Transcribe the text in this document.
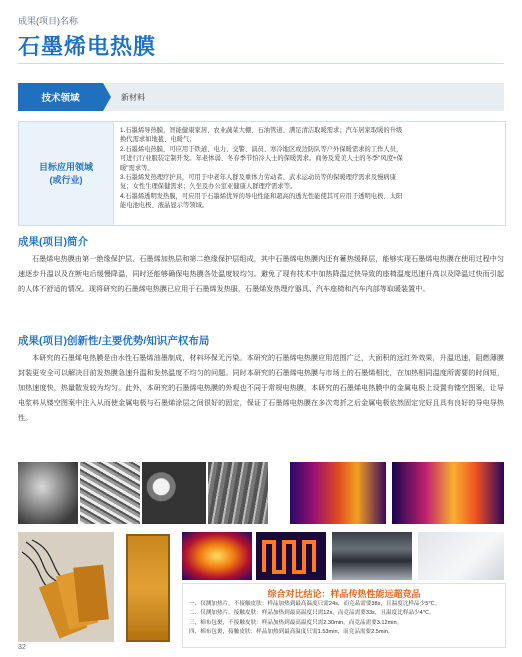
成果(项目)名称
石墨烯电热膜
技术领域	新材料
目标应用领域
(或行业)
1.石墨烯导热膜，智能健康家居、农业蔬菜大棚、石油管道、满足清洁取暖需求；汽车居家取暖的升级
换代需求如地毯、电暖气；
2.石墨烯电热膜，可应用于铁道、电力、交警、演员、寒冷地区或边防队等户外保暖需求的工作人员，
可进行行业服装定制开发。年老体弱、冬春季节怕冷人士的保暖需求。商务及爱美人士的冬季"风度+保
暖"需求等。
3.石墨烯发热理疗护具，可用于中老年人群及重体力劳动者、武术运动员等的保暖理疗需求及慢病康
复；女性生理保健需求；久坐及办公室亚健康人群理疗需求等。
4.石墨烯透明发热膜，可应用于石墨烯优异的导电性能和超高的透光性能使其可应用于透明电极、太阳
能电池电极、液晶显示等领域。
成果(项目)简介
石墨烯电热膜由第一绝缘保护层、石墨烯加热层和第二绝缘保护层组成，其中石墨烯电热膜内还有蓄热缓释层，能够实现石墨烯电热膜在使用过程中匀速逐步升温以及在断电后缓慢降温，同时还能够确保电热膜各处温度较均匀。避免了现有技术中加热降温过快导致的座椅温度迅速升高以及降温过快而引起的人体不舒适的情况。现将研究的石墨烯电热膜已应用于石墨烯发热服，石墨烯发热理疗器具、汽车座椅和汽车内部等取暖装置中。
成果(项目)创新性/主要优势/知识产权布局
本研究的石墨烯电热膜是由水性石墨烯油墨制成，材料环保无污染。本研究的石墨烯电热膜应用范围广泛，大面积的远红外效果，升温迅速，阻燃薄膜封装更安全可以解决目前发热膜急速升温和发热温度不均匀的问题。同时本研究的石墨烯电热膜与市场上的石墨烯相比，在加热相同温度所需要的时间短，加热速度快，热量散发较为均匀。此外，本研究的石墨烯电热膜的外观也不同于常规电热膜，本研究的石墨烯电热膜中的金属电极上设置有镂空图案，让导电浆料从镂空图案中注入从而使金属电极与石墨烯涂层之间很好的固定，保证了石墨烯电热膜在多次弯折之后金属电极依然固定完好且具有良好的导电导热性。
综合对比结论：样品传热性能远超竞品
一、仅测加热片，不接触皮肤：样品加热到最高温度只需24s，而竞品需要38s，且温度比样品少5℃。
二、仅测加热片，接触皮肤：样品加热到最高温度只需12s，而竞品需要33s，且温度比样品少4℃。
三，棉布包裹，不接触皮肤：样品加热到最高温度只需2.30min，而竞品需要3.12min。
四，棉布包裹，接触皮肤：样品加热到最高温度只需1.53min，而竞品需要2.5min。
32
